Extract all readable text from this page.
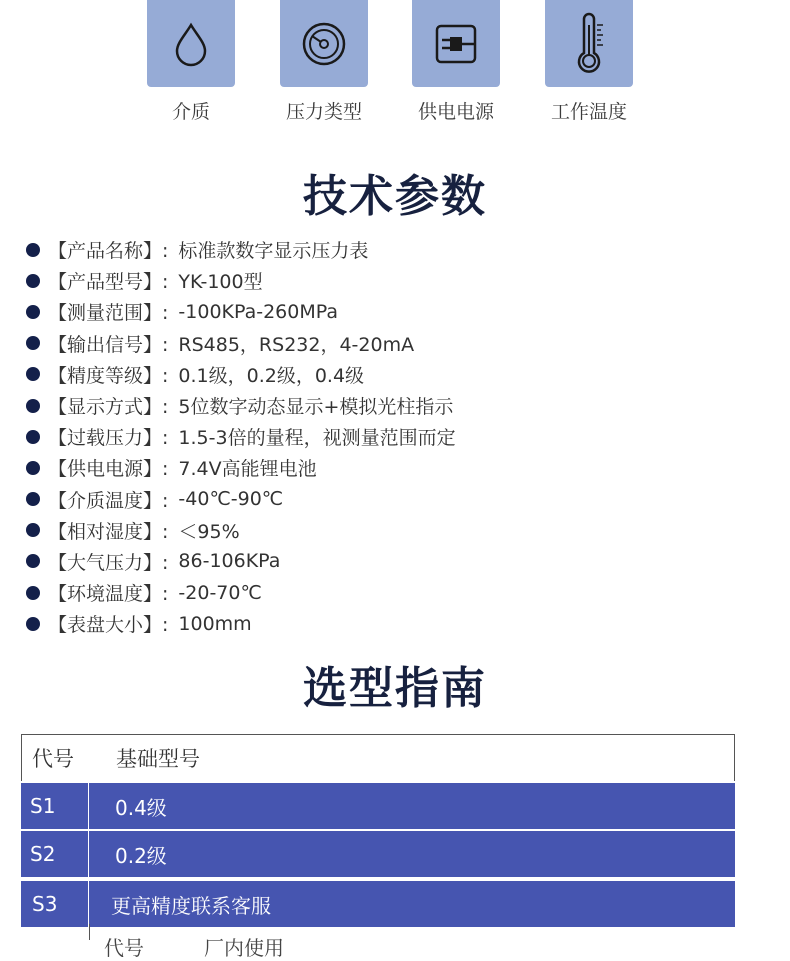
介质	压力类型	供电电源	工作温度
技术参数
【产品名称】: 标准款数字显示压力表
【产品型号】: YK-100型
【测量范围】: -100KPa-260MPa
【输出信号】: RS485，RS232，4-20mA
【精度等级】: 0.1级，0.2级，0.4级
【显示方式】: 5位数字动态显示+模拟光柱指示
【过载压力】: 1.5-3倍的量程，视测量范围而定
【供电电源】: 7.4V高能锂电池
【介质温度】: -40℃-90℃
【相对湿度】: ＜95%
【大气压力】: 86-106KPa
【环境温度】: -20-70℃
【表盘大小】: 100mm
选型指南
代号	基础型号
S1	0.4级
S2	0.2级
S3	更高精度联系客服
代号　　　厂内使用
